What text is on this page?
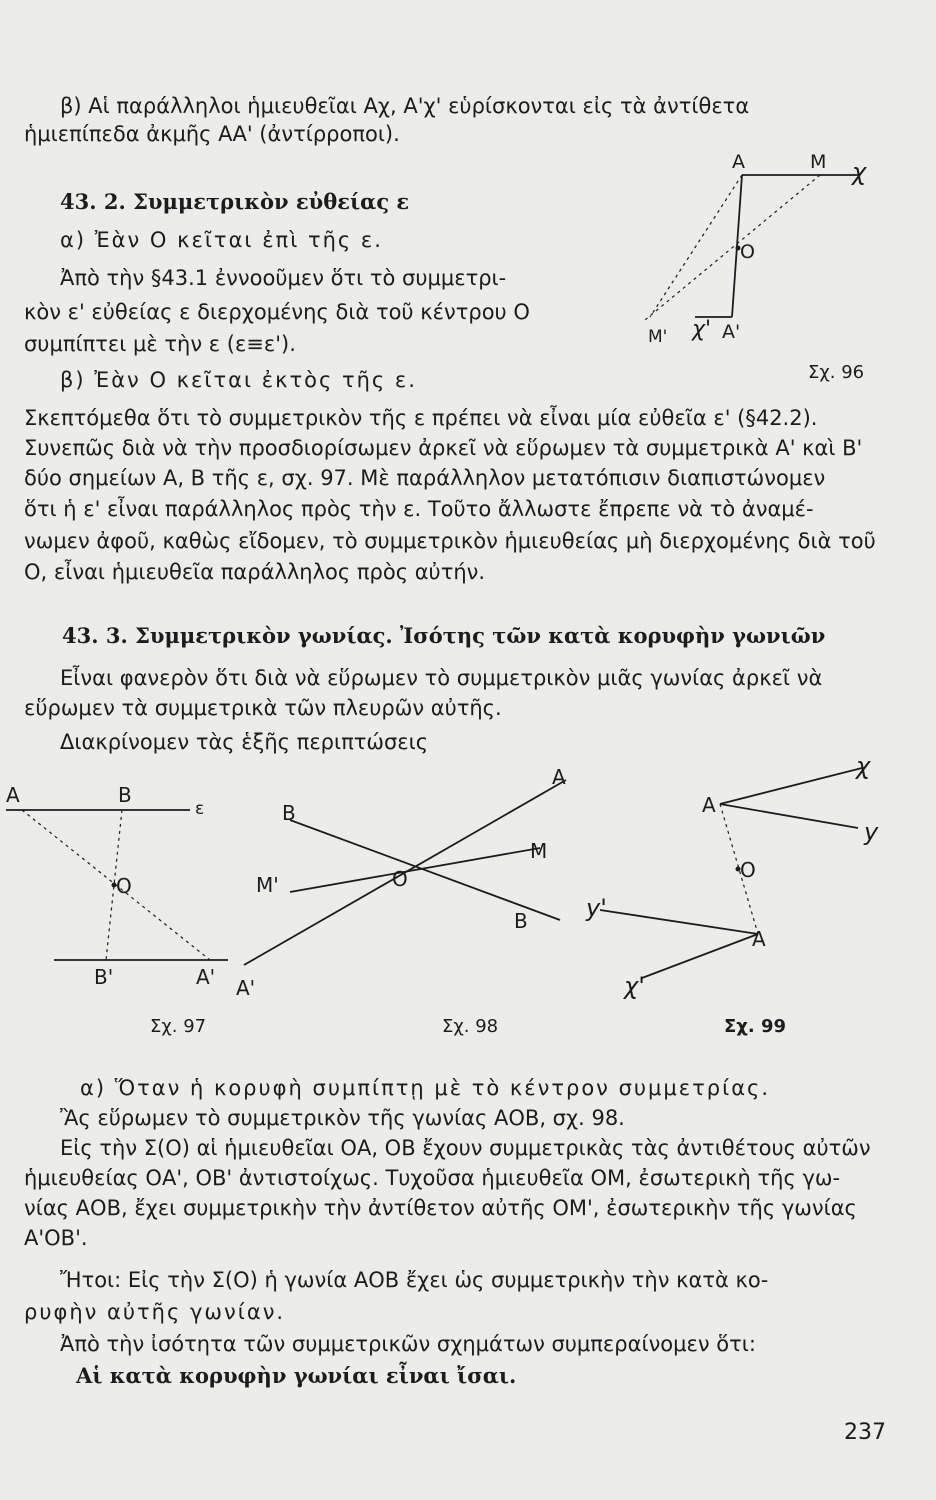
β) Αἱ παράλληλοι ἡμιευθεῖαι Αχ, Α'χ' εὑρίσκονται εἰς τὰ ἀντίθετα
ἡμιεπίπεδα ἀκμῆς ΑΑ' (ἀντίρροποι).
43. 2. Συμμετρικὸν εὐθείας ε
α) Ἐὰν Ο κεῖται ἐπὶ τῆς ε.
Ἀπὸ τὴν §43.1 ἐννοοῦμεν ὅτι τὸ συμμετρι-
κὸν ε' εὐθείας ε διερχομένης διὰ τοῦ κέντρου Ο
συμπίπτει μὲ τὴν ε (ε≡ε').
β) Ἐὰν Ο κεῖται ἐκτὸς τῆς ε.
A	M χ
O
χ'
M'	A'
Σχ. 96
Σκεπτόμεθα ὅτι τὸ συμμετρικὸν τῆς ε πρέπει νὰ εἶναι μία εὐθεῖα ε' (§42.2).
Συνεπῶς διὰ νὰ τὴν προσδιορίσωμεν ἀρκεῖ νὰ εὕρωμεν τὰ συμμετρικὰ Α' καὶ Β'
δύο σημείων Α, Β τῆς ε, σχ. 97. Μὲ παράλληλον μετατόπισιν διαπιστώνομεν
ὅτι ἡ ε' εἶναι παράλληλος πρὸς τὴν ε. Τοῦτο ἄλλωστε ἔπρεπε νὰ τὸ ἀναμέ-
νωμεν ἀφοῦ, καθὼς εἴδομεν, τὸ συμμετρικὸν ἡμιευθείας μὴ διερχομένης διὰ τοῦ
Ο, εἶναι ἡμιευθεῖα παράλληλος πρὸς αὐτήν.
43. 3. Συμμετρικὸν γωνίας. Ἰσότης τῶν κατὰ κορυφὴν γωνιῶν
Εἶναι φανερὸν ὅτι διὰ νὰ εὕρωμεν τὸ συμμετρικὸν μιᾶς γωνίας ἀρκεῖ νὰ
εὕρωμεν τὰ συμμετρικὰ τῶν πλευρῶν αὐτῆς.
Διακρίνομεν τὰς ἑξῆς περιπτώσεις
A	B
ε
O
B'	A'
Σχ. 97
A
B
O
M
M'
B
A'
Σχ. 98
χ
A
y
O
y'
A
χ'
Σχ. 99
α) Ὅταν ἡ κορυφὴ συμπίπτῃ μὲ τὸ κέντρον συμμετρίας.
Ἂς εὕρωμεν τὸ συμμετρικὸν τῆς γωνίας ΑΟΒ, σχ. 98.
Εἰς τὴν Σ(Ο) αἱ ἡμιευθεῖαι ΟΑ, ΟΒ ἔχουν συμμετρικὰς τὰς ἀντιθέτους αὐτῶν
ἡμιευθείας ΟΑ', ΟΒ' ἀντιστοίχως. Τυχοῦσα ἡμιευθεῖα ΟΜ, ἐσωτερικὴ τῆς γω-
νίας ΑΟΒ, ἔχει συμμετρικὴν τὴν ἀντίθετον αὐτῆς ΟΜ', ἐσωτερικὴν τῆς γωνίας
Α'ΟΒ'.
Ἤτοι: Εἰς τὴν Σ(Ο) ἡ γωνία ΑΟΒ ἔχει ὡς συμμετρικὴν τὴν κατὰ κο-
ρυφὴν αὐτῆς γωνίαν.
Ἀπὸ τὴν ἰσότητα τῶν συμμετρικῶν σχημάτων συμπεραίνομεν ὅτι:
Αἱ κατὰ κορυφὴν γωνίαι εἶναι ἴσαι.
237
